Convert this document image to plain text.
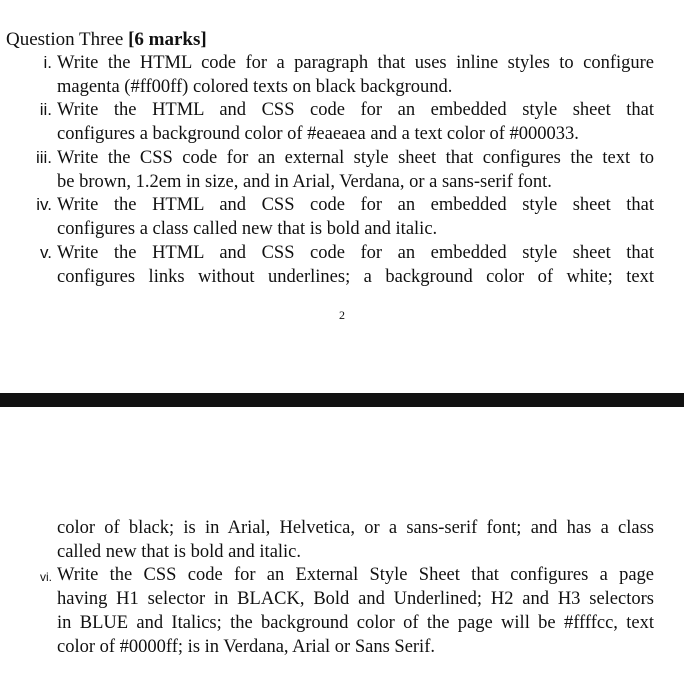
Question Three [6 marks]
i. Write the HTML code for a paragraph that uses inline styles to configure
magenta (#ff00ff) colored texts on black background.
ii. Write the HTML and CSS code for an embedded style sheet that
configures a background color of #eaeaea and a text color of #000033.
iii. Write the CSS code for an external style sheet that configures the text to
be brown, 1.2em in size, and in Arial, Verdana, or a sans-serif font.
iv. Write the HTML and CSS code for an embedded style sheet that
configures a class called new that is bold and italic.
v. Write the HTML and CSS code for an embedded style sheet that
configures links without underlines; a background color of white; text
2
color of black; is in Arial, Helvetica, or a sans-serif font; and has a class
called new that is bold and italic.
vi. Write the CSS code for an External Style Sheet that configures a page
having H1 selector in BLACK, Bold and Underlined; H2 and H3 selectors
in BLUE and Italics; the background color of the page will be #ffffcc, text
color of #0000ff; is in Verdana, Arial or Sans Serif.
